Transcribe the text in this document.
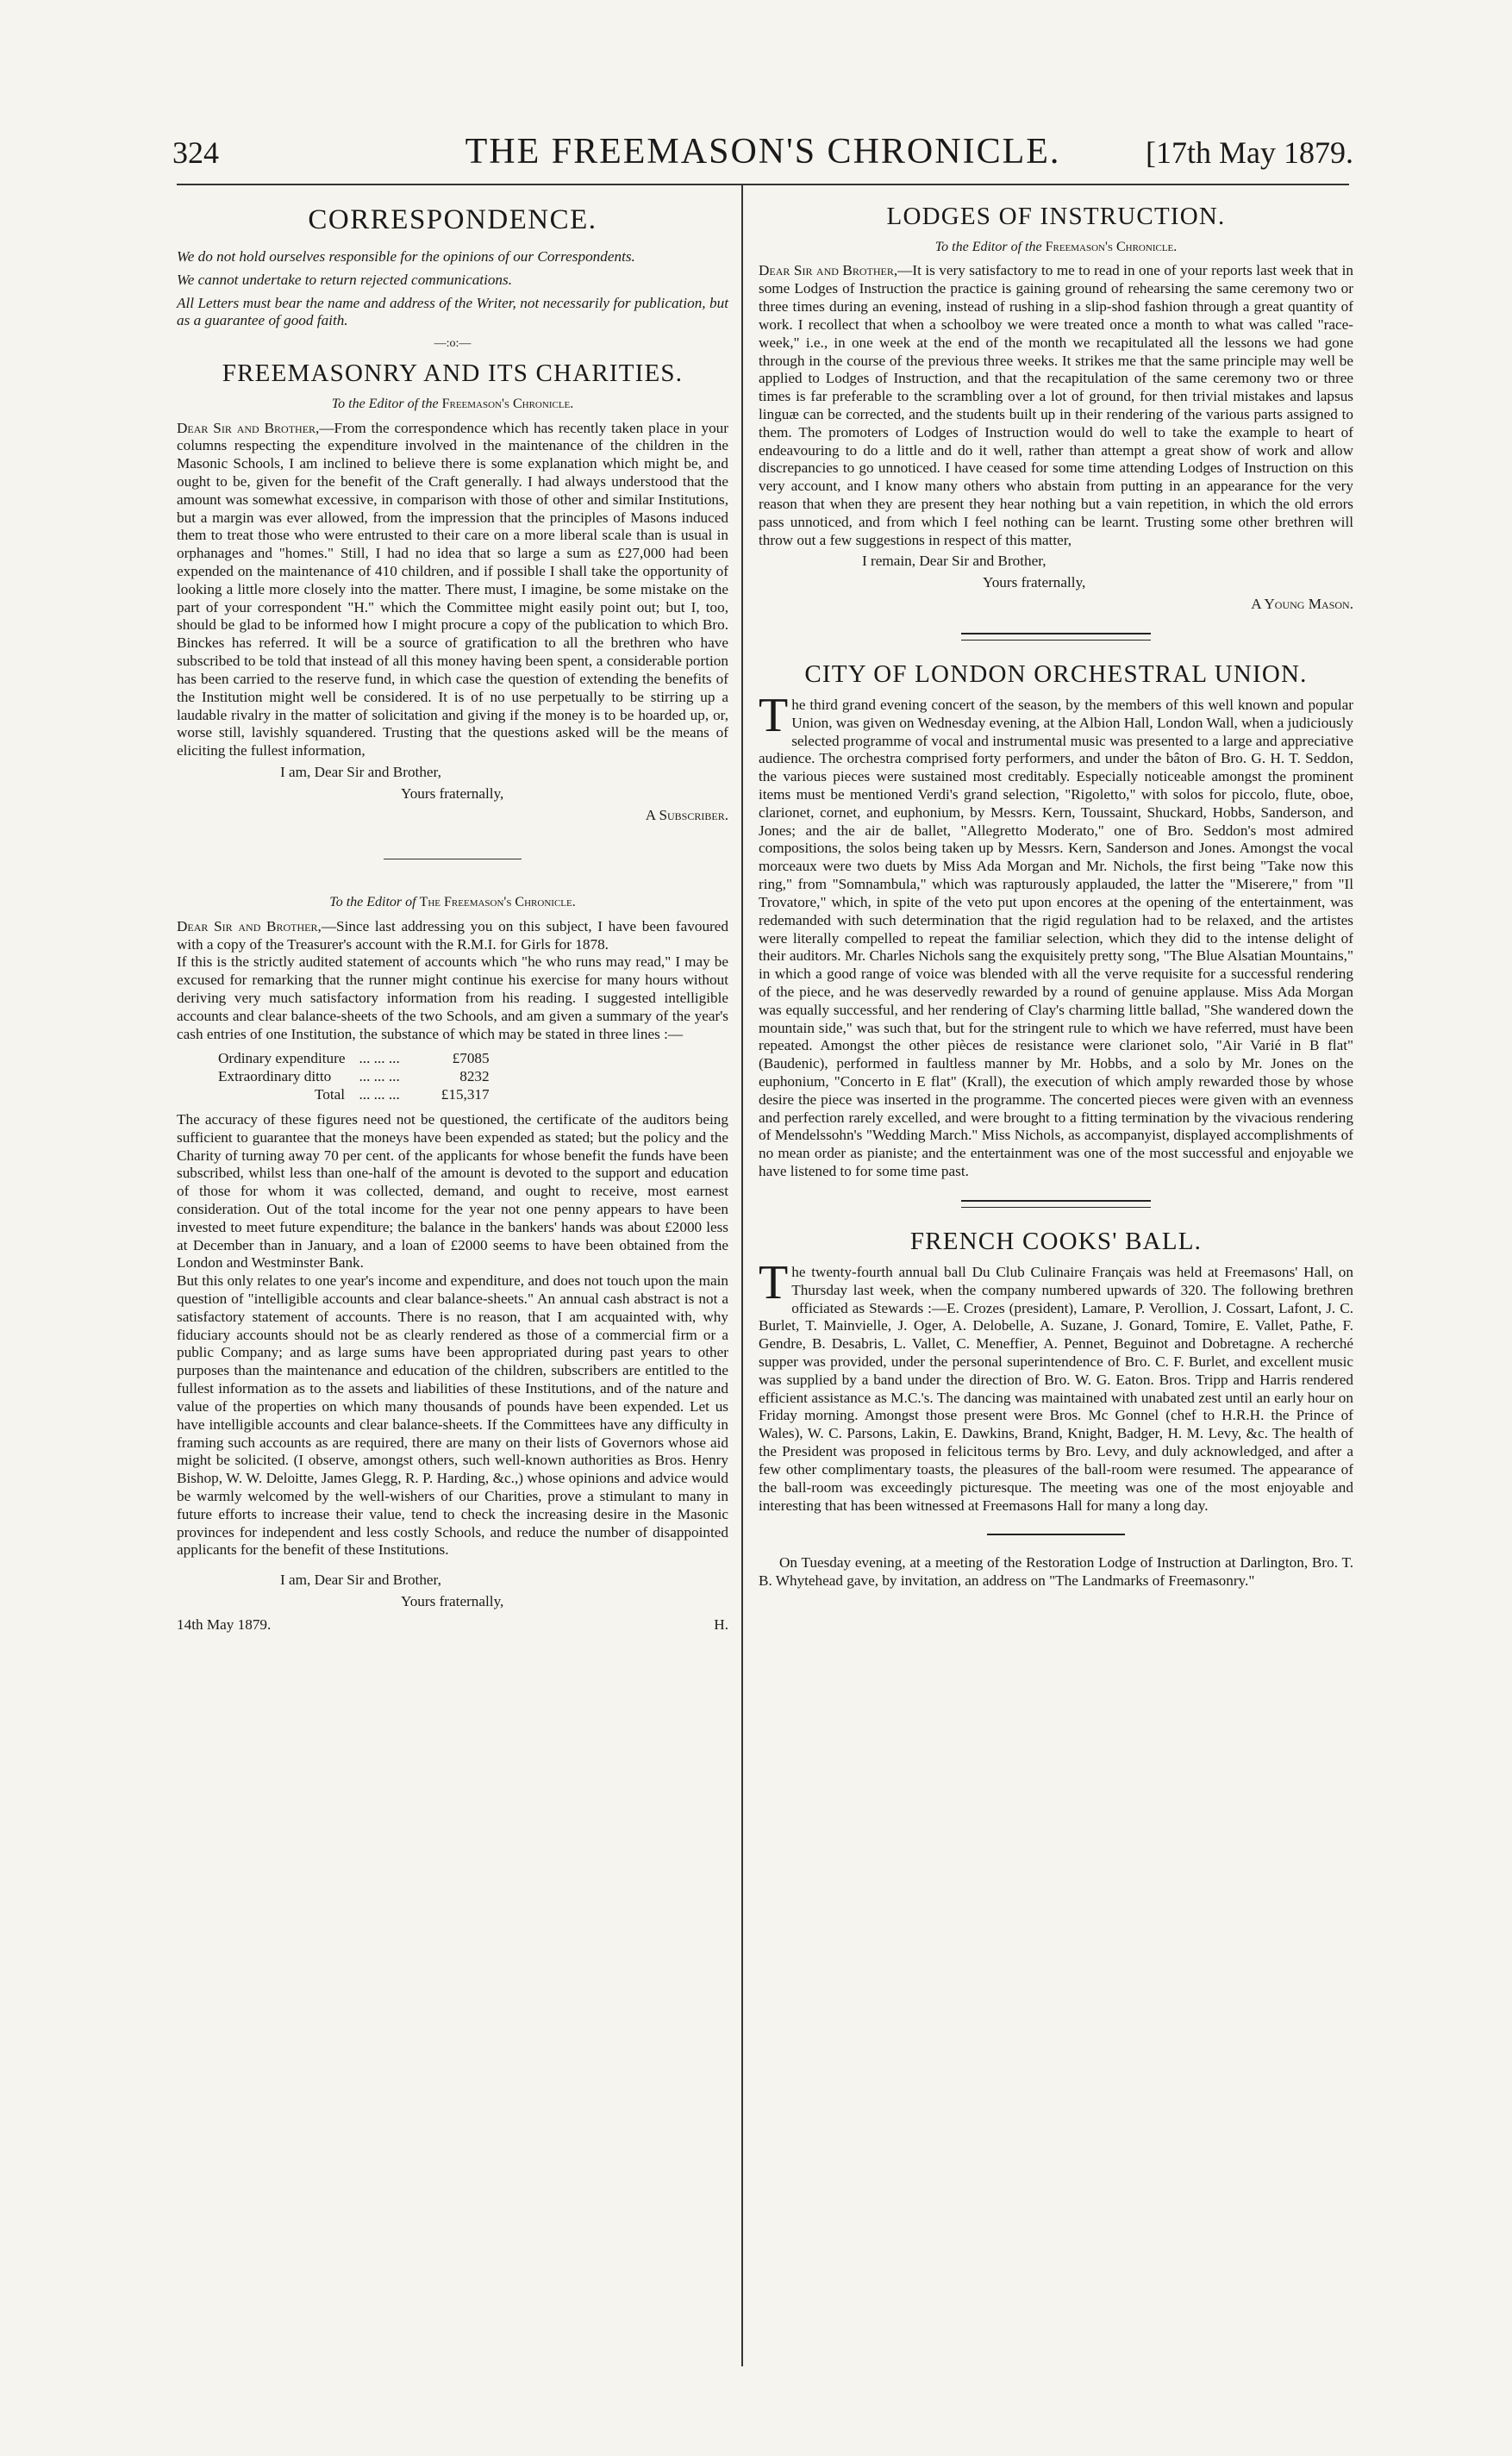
324	THE FREEMASON'S CHRONICLE.	[17th May 1879.
CORRESPONDENCE.

We do not hold ourselves responsible for the opinions of our Correspondents.

We cannot undertake to return rejected communications.

All Letters must bear the name and address of the Writer, not necessarily for publication, but as a guarantee of good faith.

—:o:—
FREEMASONRY AND ITS CHARITIES.
To the Editor of the Freemason's Chronicle.

Dear Sir and Brother,—From the correspondence which has recently taken place in your columns respecting the expenditure involved in the maintenance of the children in the Masonic Schools, I am inclined to believe there is some explanation which might be, and ought to be, given for the benefit of the Craft generally. I had always understood that the amount was somewhat excessive, in comparison with those of other and similar Institutions, but a margin was ever allowed, from the impression that the principles of Masons induced them to treat those who were entrusted to their care on a more liberal scale than is usual in orphanages and "homes." Still, I had no idea that so large a sum as £27,000 had been expended on the maintenance of 410 children, and if possible I shall take the opportunity of looking a little more closely into the matter. There must, I imagine, be some mistake on the part of your correspondent "H." which the Committee might easily point out; but I, too, should be glad to be informed how I might procure a copy of the publication to which Bro. Binckes has referred. It will be a source of gratification to all the brethren who have subscribed to be told that instead of all this money having been spent, a considerable portion has been carried to the reserve fund, in which case the question of extending the benefits of the Institution might well be considered. It is of no use perpetually to be stirring up a laudable rivalry in the matter of solicitation and giving if the money is to be hoarded up, or, worse still, lavishly squandered. Trusting that the questions asked will be the means of eliciting the fullest information,

I am, Dear Sir and Brother,
Yours fraternally,
A Subscriber.
To the Editor of The Freemason's Chronicle.

Dear Sir and Brother,—Since last addressing you on this subject, I have been favoured with a copy of the Treasurer's account with the R.M.I. for Girls for 1878.

If this is the strictly audited statement of accounts which "he who runs may read," I may be excused for remarking that the runner might continue his exercise for many hours without deriving very much satisfactory information from his reading. I suggested intelligible accounts and clear balance-sheets of the two Schools, and am given a summary of the year's cash entries of one Institution, the substance of which may be stated in three lines :—

Ordinary expenditure	... ... ...	£7085
Extraordinary ditto	... ... ...	8232
Total	... ... ...	£15,317

The accuracy of these figures need not be questioned, the certificate of the auditors being sufficient to guarantee that the moneys have been expended as stated; but the policy and the Charity of turning away 70 per cent. of the applicants for whose benefit the funds have been subscribed, whilst less than one-half of the amount is devoted to the support and education of those for whom it was collected, demand, and ought to receive, most earnest consideration. Out of the total income for the year not one penny appears to have been invested to meet future expenditure; the balance in the bankers' hands was about £2000 less at December than in January, and a loan of £2000 seems to have been obtained from the London and Westminster Bank.

But this only relates to one year's income and expenditure, and does not touch upon the main question of "intelligible accounts and clear balance-sheets." An annual cash abstract is not a satisfactory statement of accounts. There is no reason, that I am acquainted with, why fiduciary accounts should not be as clearly rendered as those of a commercial firm or a public Company; and as large sums have been appropriated during past years to other purposes than the maintenance and education of the children, subscribers are entitled to the fullest information as to the assets and liabilities of these Institutions, and of the nature and value of the properties on which many thousands of pounds have been expended. Let us have intelligible accounts and clear balance-sheets. If the Committees have any difficulty in framing such accounts as are required, there are many on their lists of Governors whose aid might be solicited. (I observe, amongst others, such well-known authorities as Bros. Henry Bishop, W. W. Deloitte, James Glegg, R. P. Harding, &c.,) whose opinions and advice would be warmly welcomed by the well-wishers of our Charities, prove a stimulant to many in future efforts to increase their value, tend to check the increasing desire in the Masonic provinces for independent and less costly Schools, and reduce the number of disappointed applicants for the benefit of these Institutions.

I am, Dear Sir and Brother,
Yours fraternally,
14th May 1879.	H.
LODGES OF INSTRUCTION.
To the Editor of the Freemason's Chronicle.

Dear Sir and Brother,—It is very satisfactory to me to read in one of your reports last week that in some Lodges of Instruction the practice is gaining ground of rehearsing the same ceremony two or three times during an evening, instead of rushing in a slip-shod fashion through a great quantity of work. I recollect that when a schoolboy we were treated once a month to what was called "race-week," i.e., in one week at the end of the month we recapitulated all the lessons we had gone through in the course of the previous three weeks. It strikes me that the same principle may well be applied to Lodges of Instruction, and that the recapitulation of the same ceremony two or three times is far preferable to the scrambling over a lot of ground, for then trivial mistakes and lapsus linguæ can be corrected, and the students built up in their rendering of the various parts assigned to them. The promoters of Lodges of Instruction would do well to take the example to heart of endeavouring to do a little and do it well, rather than attempt a great show of work and allow discrepancies to go unnoticed. I have ceased for some time attending Lodges of Instruction on this very account, and I know many others who abstain from putting in an appearance for the very reason that when they are present they hear nothing but a vain repetition, in which the old errors pass unnoticed, and from which I feel nothing can be learnt. Trusting some other brethren will throw out a few suggestions in respect of this matter,

I remain, Dear Sir and Brother,
Yours fraternally,
A Young Mason.
CITY OF LONDON ORCHESTRAL UNION.

The third grand evening concert of the season, by the members of this well known and popular Union, was given on Wednesday evening, at the Albion Hall, London Wall, when a judiciously selected programme of vocal and instrumental music was presented to a large and appreciative audience. The orchestra comprised forty performers, and under the bâton of Bro. G. H. T. Seddon, the various pieces were sustained most creditably. Especially noticeable amongst the prominent items must be mentioned Verdi's grand selection, "Rigoletto," with solos for piccolo, flute, oboe, clarionet, cornet, and euphonium, by Messrs. Kern, Toussaint, Shuckard, Hobbs, Sanderson, and Jones; and the air de ballet, "Allegretto Moderato," one of Bro. Seddon's most admired compositions, the solos being taken up by Messrs. Kern, Sanderson and Jones. Amongst the vocal morceaux were two duets by Miss Ada Morgan and Mr. Nichols, the first being "Take now this ring," from "Somnambula," which was rapturously applauded, the latter the "Miserere," from "Il Trovatore," which, in spite of the veto put upon encores at the opening of the entertainment, was redemanded with such determination that the rigid regulation had to be relaxed, and the artistes were literally compelled to repeat the familiar selection, which they did to the intense delight of their auditors. Mr. Charles Nichols sang the exquisitely pretty song, "The Blue Alsatian Mountains," in which a good range of voice was blended with all the verve requisite for a successful rendering of the piece, and he was deservedly rewarded by a round of genuine applause. Miss Ada Morgan was equally successful, and her rendering of Clay's charming little ballad, "She wandered down the mountain side," was such that, but for the stringent rule to which we have referred, must have been repeated. Amongst the other pièces de resistance were clarionet solo, "Air Varié in B flat" (Baudenic), performed in faultless manner by Mr. Hobbs, and a solo by Mr. Jones on the euphonium, "Concerto in E flat" (Krall), the execution of which amply rewarded those by whose desire the piece was inserted in the programme. The concerted pieces were given with an evenness and perfection rarely excelled, and were brought to a fitting termination by the vivacious rendering of Mendelssohn's "Wedding March." Miss Nichols, as accompanyist, displayed accomplishments of no mean order as pianiste; and the entertainment was one of the most successful and enjoyable we have listened to for some time past.

FRENCH COOKS' BALL.

The twenty-fourth annual ball Du Club Culinaire Français was held at Freemasons' Hall, on Thursday last week, when the company numbered upwards of 320. The following brethren officiated as Stewards :—E. Crozes (president), Lamare, P. Verollion, J. Cossart, Lafont, J. C. Burlet, T. Mainvielle, J. Oger, A. Delobelle, A. Suzane, J. Gonard, Tomire, E. Vallet, Pathe, F. Gendre, B. Desabris, L. Vallet, C. Meneffier, A. Pennet, Beguinot and Dobretagne. A recherché supper was provided, under the personal superintendence of Bro. C. F. Burlet, and excellent music was supplied by a band under the direction of Bro. W. G. Eaton. Bros. Tripp and Harris rendered efficient assistance as M.C.'s. The dancing was maintained with unabated zest until an early hour on Friday morning. Amongst those present were Bros. Mc Gonnel (chef to H.R.H. the Prince of Wales), W. C. Parsons, Lakin, E. Dawkins, Brand, Knight, Badger, H. M. Levy, &c. The health of the President was proposed in felicitous terms by Bro. Levy, and duly acknowledged, and after a few other complimentary toasts, the pleasures of the ball-room were resumed. The appearance of the ball-room was exceedingly picturesque. The meeting was one of the most enjoyable and interesting that has been witnessed at Freemasons Hall for many a long day.

On Tuesday evening, at a meeting of the Restoration Lodge of Instruction at Darlington, Bro. T. B. Whytehead gave, by invitation, an address on "The Landmarks of Freemasonry."
